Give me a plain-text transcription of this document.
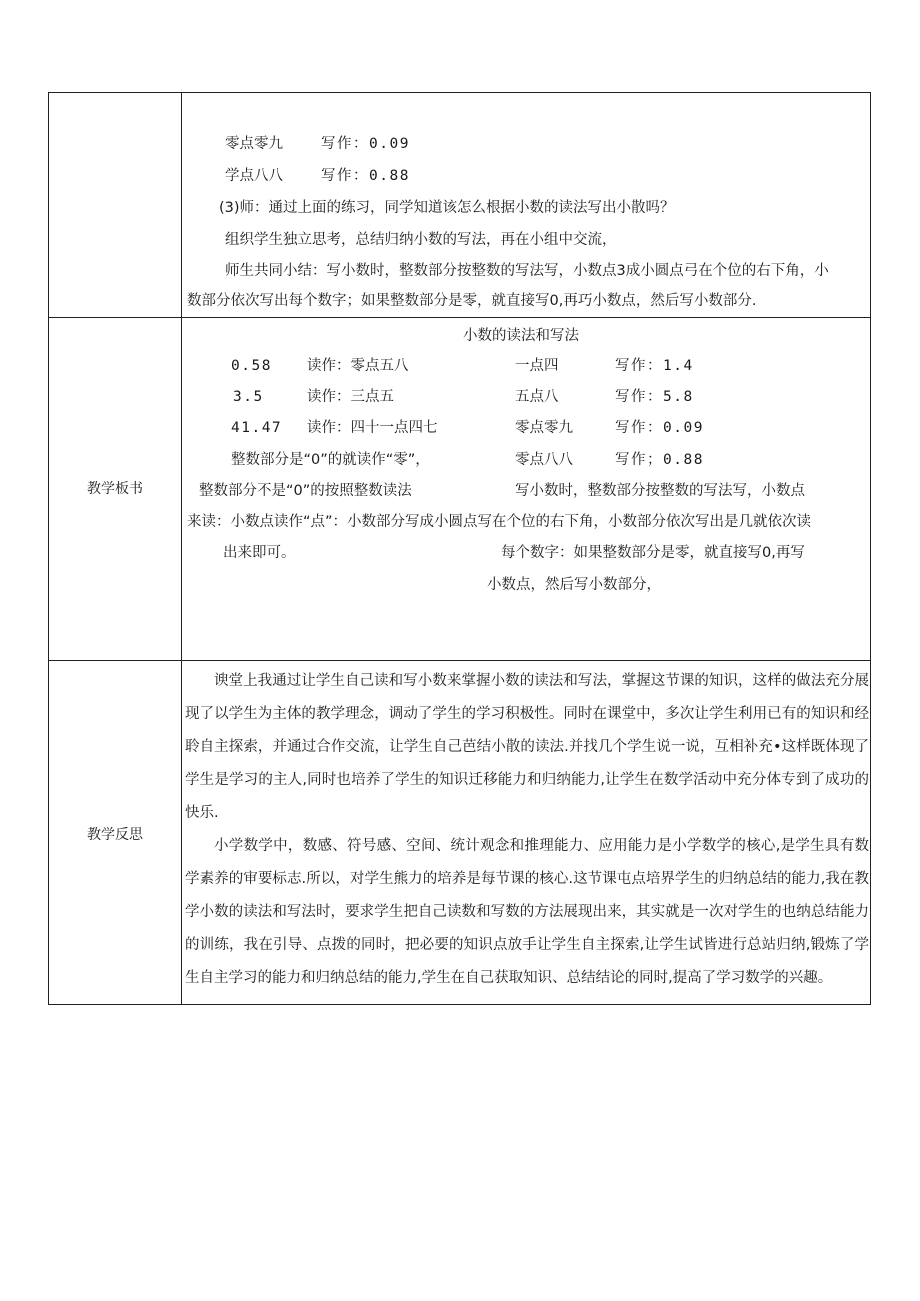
零点零九	写作：0.09
学点八八	写作：0.88
(3)师：通过上面的练习，同学知道该怎么根据小数的读法写出小散吗？
组织学生独立思考，总结归纳小数的写法，再在小组中交流，
师生共同小结：写小数时，整数部分按整数的写法写，小数点3成小圆点弓在个位的右下角，小
数部分依次写出每个数字；如果整数部分是零，就直接写0,再巧小数点，然后写小数部分.
教学板书
小数的读法和写法
0.58 读作：零点五八	一点四	写作：1.4
3.5	读作：三点五	五点八	写作：5.8
41.47 读作：四十一点四七	零点零九	写作：0.09
整数部分是“0”的就读作“零”，	零点八八	写作；0.88
整数部分不是“0”的按照整数读法	写小数时，整数部分按整数的写法写，小数点
来读：小数点读作“点”：小数部分写成小圆点写在个位的右下角，小数部分依次写出是几就依次读
出来即可。	每个数字：如果整数部分是零，就直接写0,再写
小数点，然后写小数部分，
教学反思

谀堂上我通过让学生自己读和写小数来掌握小数的读法和写法，掌握这节课的知识，这样的做法充分展现了以学生为主体的教学理念，调动了学生的学习积极性。同时在课堂中，多次让学生利用已有的知识和经聆自主探索，并通过合作交流，让学生自己芭结小散的读法.并找几个学生说一说，互相补充•这样既体现了学生是学习的主人,同时也培养了学生的知识迁移能力和归纳能力,让学生在数学活动中充分体专到了成功的快乐.

小学数学中，数感、符号感、空间、统计观念和推理能力、应用能力是小学数学的核心,是学生具有数学素养的审要标志.所以，对学生熊力的培养是每节课的核心.这节课屯点培界学生的归纳总结的能力,我在教学小数的读法和写法时，要求学生把自己读数和写数的方法展现出来，其实就是一次对学生的也纳总结能力的训练，我在引导、点拨的同时，把必要的知识点放手让学生自主探索,让学生试皆进行总站归纳,锻炼了学生自主学习的能力和归纳总结的能力,学生在自己获取知识、总结结论的同时,提高了学习数学的兴趣。
